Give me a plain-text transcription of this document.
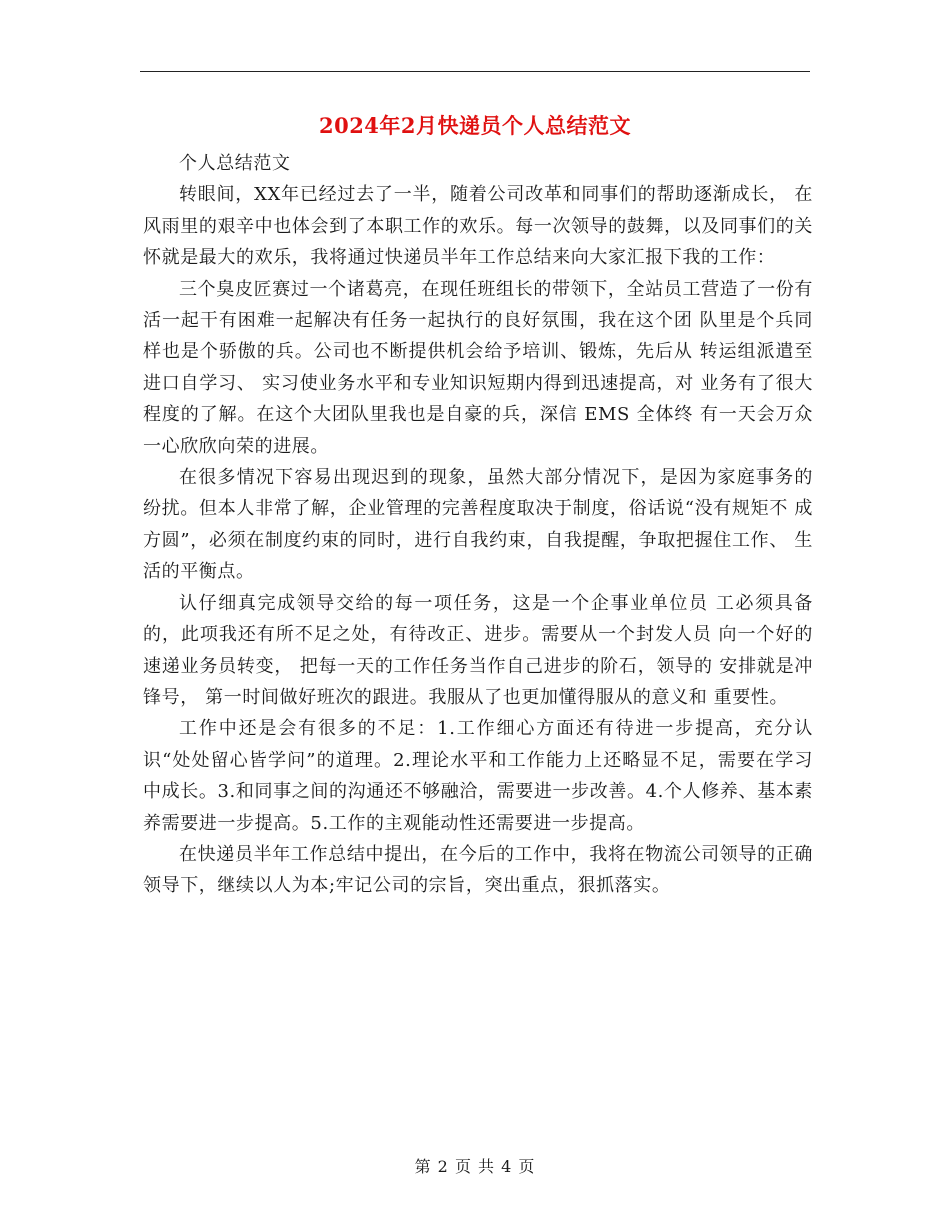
2024年2月快递员个人总结范文

个人总结范文

转眼间，XX年已经过去了一半，随着公司改革和同事们的帮助逐渐成长， 在风雨里的艰辛中也体会到了本职工作的欢乐。每一次领导的鼓舞，以及同事们的关怀就是最大的欢乐，我将通过快递员半年工作总结来向大家汇报下我的工作：

三个臭皮匠赛过一个诸葛亮，在现任班组长的带领下，全站员工营造了一份有活一起干有困难一起解决有任务一起执行的良好氛围，我在这个团 队里是个兵同样也是个骄傲的兵。公司也不断提供机会给予培训、锻炼，先后从 转运组派遣至进口自学习、 实习使业务水平和专业知识短期内得到迅速提高，对 业务有了很大程度的了解。在这个大团队里我也是自豪的兵，深信 EMS 全体终 有一天会万众一心欣欣向荣的进展。

在很多情况下容易出现迟到的现象，虽然大部分情况下，是因为家庭事务的 纷扰。但本人非常了解，企业管理的完善程度取决于制度，俗话说“没有规矩不 成方圆”，必须在制度约束的同时，进行自我约束，自我提醒，争取把握住工作、 生活的平衡点。

认仔细真完成领导交给的每一项任务，这是一个企事业单位员 工必须具备的，此项我还有所不足之处，有待改正、进步。需要从一个封发人员 向一个好的速递业务员转变， 把每一天的工作任务当作自己进步的阶石，领导的 安排就是冲锋号， 第一时间做好班次的跟进。我服从了也更加懂得服从的意义和 重要性。

工作中还是会有很多的不足：1.工作细心方面还有待进一步提高，充分认识“处处留心皆学问”的道理。2.理论水平和工作能力上还略显不足，需要在学习中成长。3.和同事之间的沟通还不够融洽，需要进一步改善。4.个人修养、基本素养需要进一步提高。5.工作的主观能动性还需要进一步提高。

在快递员半年工作总结中提出，在今后的工作中，我将在物流公司领导的正确领导下，继续以人为本;牢记公司的宗旨，突出重点，狠抓落实。

第 2 页 共 4 页
